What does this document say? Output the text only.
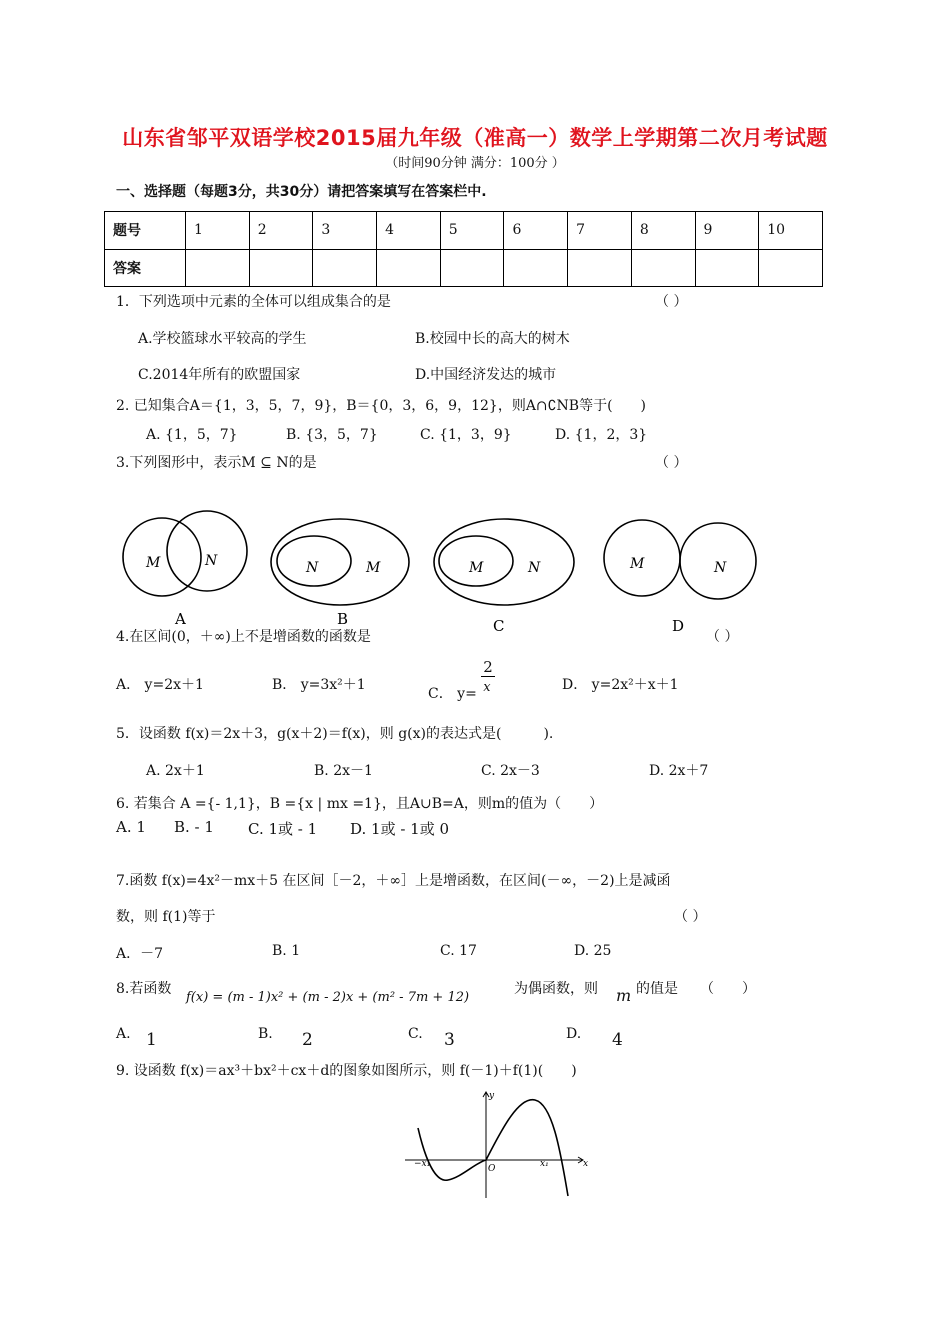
山东省邹平双语学校2015届九年级（准高一）数学上学期第二次月考试题
（时间90分钟 满分：100分 ）
一、选择题（每题3分，共30分）请把答案填写在答案栏中.
题号	1	2	3	4	5	6	7	8	9	10
答案										
1．下列选项中元素的全体可以组成集合的是	（ ）
A.学校篮球水平较高的学生	B.校园中长的高大的树木
C.2014年所有的欧盟国家	D.中国经济发达的城市
2. 已知集合A＝{1，3，5，7，9}，B＝{0，3，6，9，12}，则A∩∁NB等于(　　)
A. {1，5，7}	B. {3，5，7}	C. {1，3，9}	D. {1，2，3}
3.下列图形中，表示M ⊆ N的是	（ ）
M	N	N	M	M	N	M	N
A	B	C	D
4.在区间(0，＋∞)上不是增函数的函数是	（ ）
A． y=2x＋1	B． y=3x²＋1
C． $y= \frac{2}{x}$	D． y=2x²＋x＋1
5．设函数 f(x)＝2x＋3，g(x＋2)＝f(x)，则 g(x)的表达式是(　　　).
A. 2x＋1	B. 2x－1	C. 2x－3	D. 2x＋7
6. 若集合 A ={- 1,1}，B ={x | mx =1}，且A∪B=A，则m的值为（　　）
A. 1 B. - 1 C. 1或 - 1 D. 1或 - 1或 0
7.函数 f(x)=4x²－mx＋5 在区间［－2，＋∞］上是增函数，在区间(－∞，－2)上是减函
数，则 f(1)等于	（ ）
A．－7	B. 1	C. 17	D. 25
8.若函数
f(x) = (m - 1)x² + (m - 2)x + (m² - 7m + 12)
为偶函数，则 m 的值是 （　　）
A. 1	B. 2	C. 3	D. 4
9. 设函数 f(x)＝ax³＋bx²＋cx＋d的图象如图所示，则 f(－1)＋f(1)(　　)
x
y
O
−x₁	x₁
